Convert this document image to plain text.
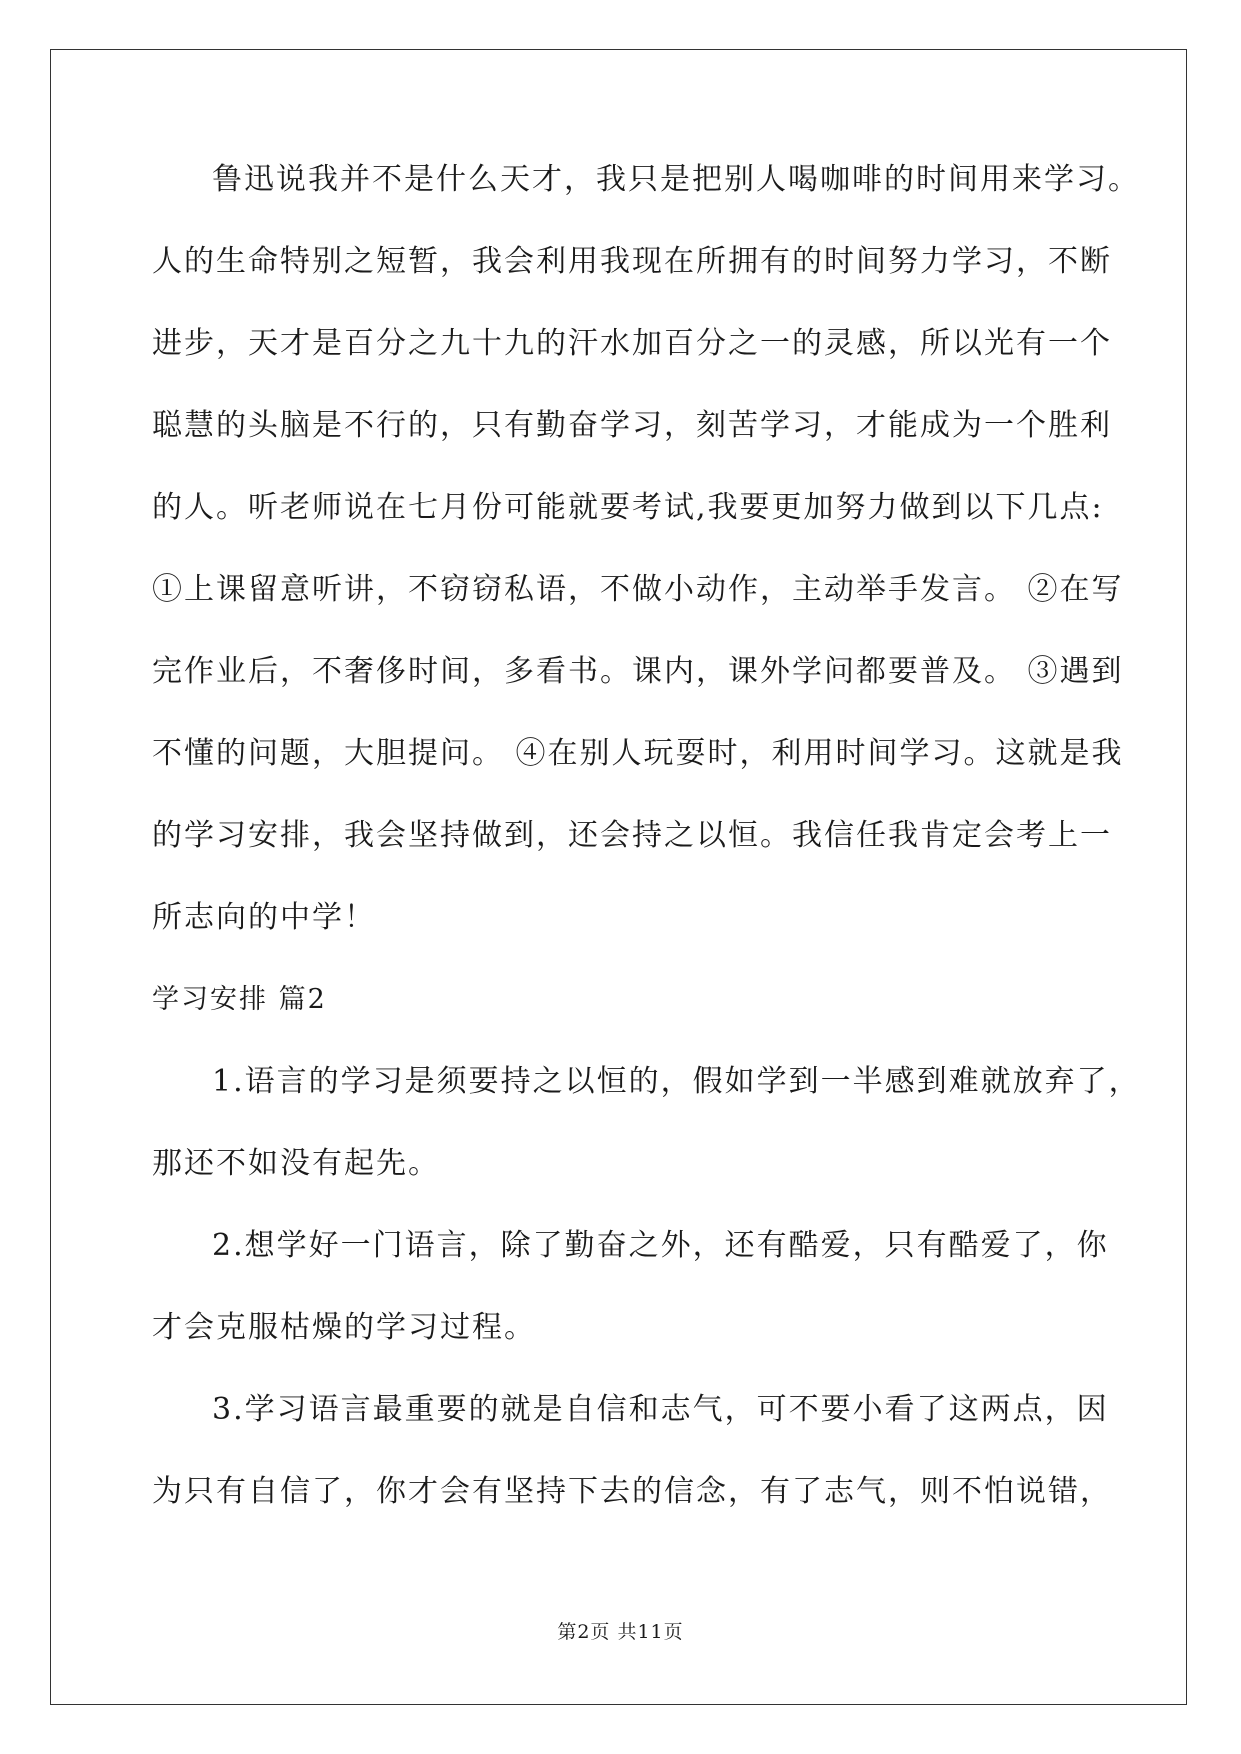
鲁迅说我并不是什么天才，我只是把别人喝咖啡的时间用来学习。
人的生命特别之短暂，我会利用我现在所拥有的时间努力学习，不断
进步，天才是百分之九十九的汗水加百分之一的灵感，所以光有一个
聪慧的头脑是不行的，只有勤奋学习，刻苦学习，才能成为一个胜利
的人。听老师说在七月份可能就要考试,我要更加努力做到以下几点:
①上课留意听讲，不窃窃私语，不做小动作，主动举手发言。 ②在写
完作业后，不奢侈时间，多看书。课内，课外学问都要普及。 ③遇到
不懂的问题，大胆提问。 ④在别人玩耍时，利用时间学习。这就是我
的学习安排，我会坚持做到，还会持之以恒。我信任我肯定会考上一
所志向的中学！
学习安排 篇2
1.语言的学习是须要持之以恒的，假如学到一半感到难就放弃了，
那还不如没有起先。
2.想学好一门语言，除了勤奋之外，还有酷爱，只有酷爱了，你
才会克服枯燥的学习过程。
3.学习语言最重要的就是自信和志气，可不要小看了这两点，因
为只有自信了，你才会有坚持下去的信念，有了志气，则不怕说错，
第2页 共11页
